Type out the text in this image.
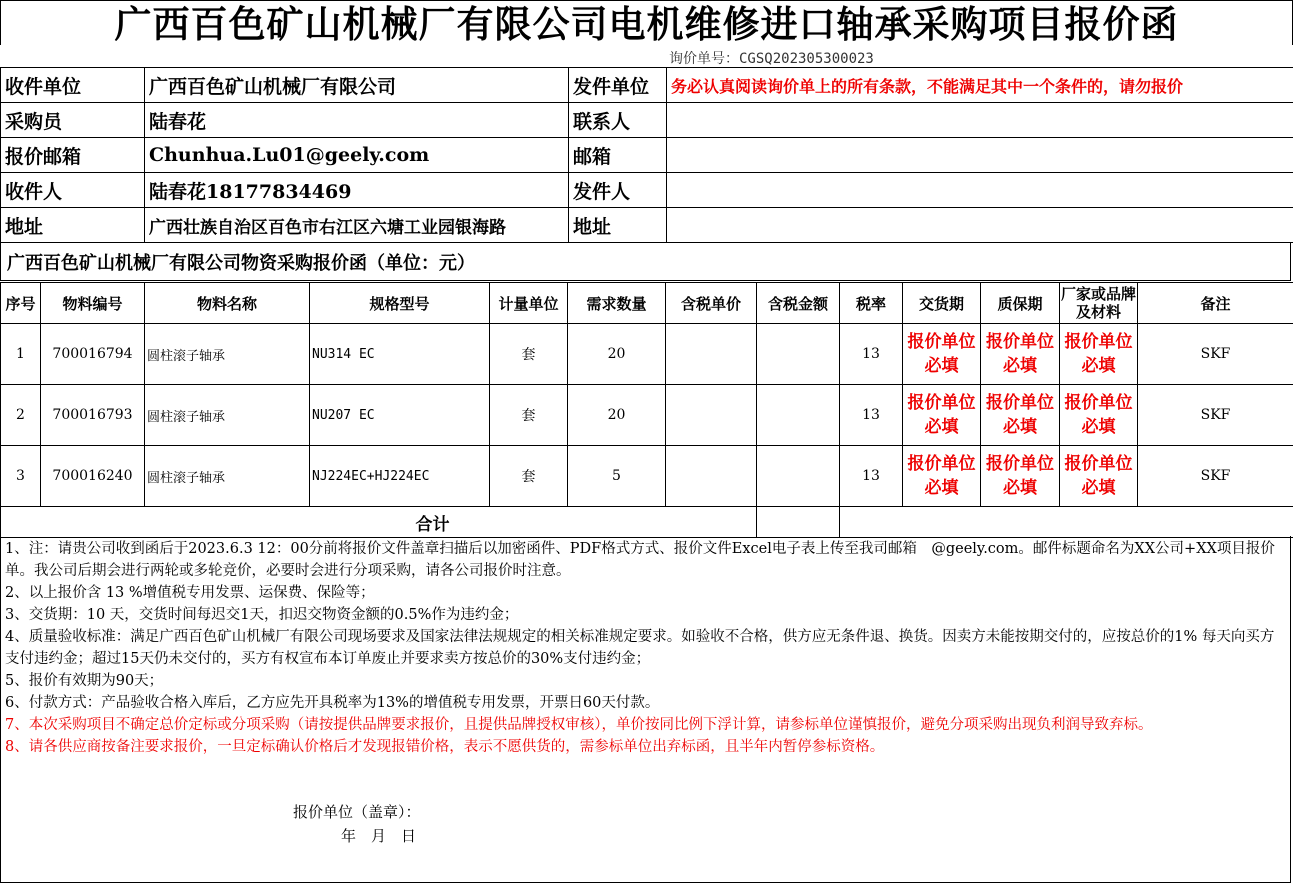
广西百色矿山机械厂有限公司电机维修进口轴承采购项目报价函
询价单号：CGSQ202305300023
收件单位	广西百色矿山机械厂有限公司	发件单位	务必认真阅读询价单上的所有条款，不能满足其中一个条件的，请勿报价
采购员	陆春花	联系人	
报价邮箱	Chunhua.Lu01@geely.com	邮箱	
收件人	陆春花18177834469	发件人	
地址	广西壮族自治区百色市右江区六塘工业园银海路	地址	
广西百色矿山机械厂有限公司物资采购报价函（单位：元）
序号	物料编号	物料名称	规格型号	计量单位	需求数量	含税单价	含税金额	税率	交货期	质保期	厂家或品牌及材料	备注
1	700016794	圆柱滚子轴承	NU314 EC	套	20			13	报价单位必填	报价单位必填	报价单位必填	SKF
2	700016793	圆柱滚子轴承	NU207 EC	套	20			13	报价单位必填	报价单位必填	报价单位必填	SKF
3	700016240	圆柱滚子轴承	NJ224EC+HJ224EC	套	5			13	报价单位必填	报价单位必填	报价单位必填	SKF
合计												

1、注：请贵公司收到函后于2023.6.3 12：00分前将报价文件盖章扫描后以加密函件、PDF格式方式、报价文件Excel电子表上传至我司邮箱　@geely.com。邮件标题命名为XX公司+XX项目报价单。我公司后期会进行两轮或多轮竞价，必要时会进行分项采购，请各公司报价时注意。

2、以上报价含 13 %增值税专用发票、运保费、保险等；

3、交货期：10 天，交货时间每迟交1天，扣迟交物资金额的0.5%作为违约金；

4、质量验收标准：满足广西百色矿山机械厂有限公司现场要求及国家法律法规规定的相关标准规定要求。如验收不合格，供方应无条件退、换货。因卖方未能按期交付的，应按总价的1% 每天向买方支付违约金；超过15天仍未交付的，买方有权宣布本订单废止并要求卖方按总价的30%支付违约金；

5、报价有效期为90天；

6、付款方式：产品验收合格入库后，乙方应先开具税率为13%的增值税专用发票，开票日60天付款。

7、本次采购项目不确定总价定标或分项采购（请按提供品牌要求报价，且提供品牌授权审核），单价按同比例下浮计算，请参标单位谨慎报价，避免分项采购出现负利润导致弃标。

8、请各供应商按备注要求报价，一旦定标确认价格后才发现报错价格，表示不愿供货的，需参标单位出弃标函，且半年内暂停参标资格。

报价单位（盖章）：
年　月　日
